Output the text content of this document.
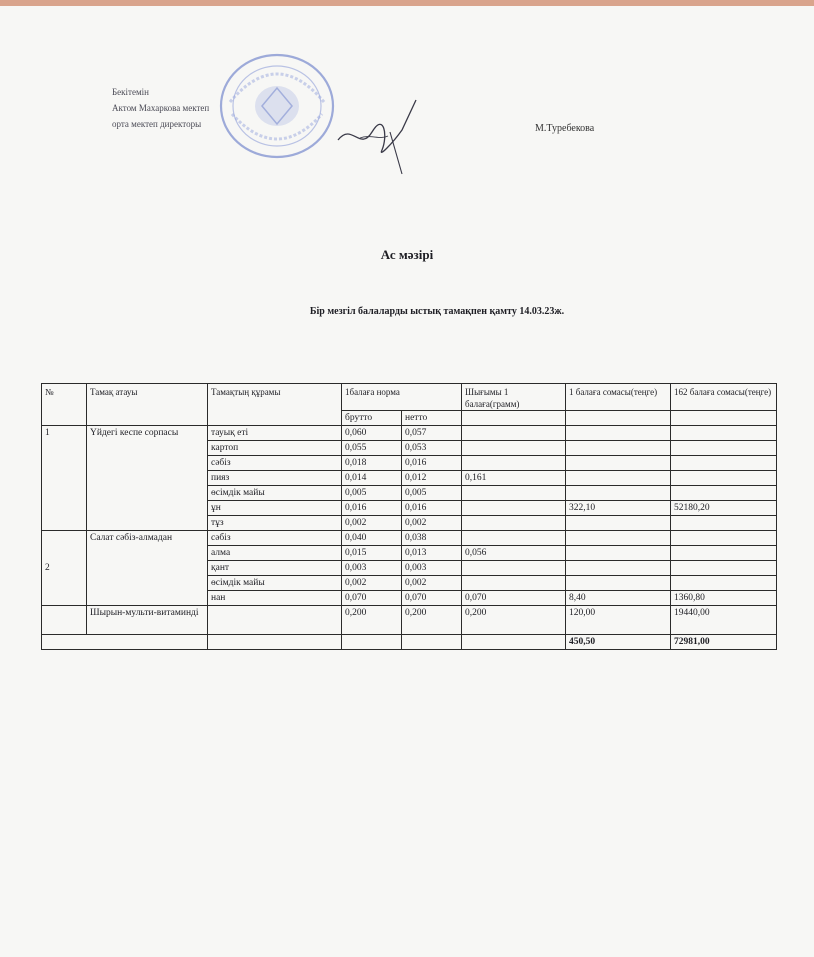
Бекітемін
Актом Махаркова мектеп
орта мектеп директоры	М.Туребекова
Ас мәзірі
Бір мезгіл балаларды ыстық тамақпен қамту 14.03.23ж.
№	Тамақ атауы	Тамақтың құрамы	1балаға норма		Шығымы 1 балаға(грамм)	1 балаға сомасы(теңге)	162 балаға сомасы(теңге)
			брутто	нетто			
1	Үйдегі кеспе сорпасы	тауық еті	0,060	0,057			
		картоп	0,055	0,053			
		сәбіз	0,018	0,016			
		пияз	0,014	0,012	0,161		
		өсімдік майы	0,005	0,005			
		ұн	0,016	0,016		322,10	52180,20
		тұз	0,002	0,002			
2	Салат сәбіз-алмадан	сәбіз	0,040	0,038			
		алма	0,015	0,013	0,056		
		қант	0,003	0,003			
		өсімдік майы	0,002	0,002			
		нан	0,070	0,070	0,070	8,40	1360,80
	Шырын-мульти-витаминді		0,200	0,200	0,200	120,00	19440,00
						450,50	72981,00
